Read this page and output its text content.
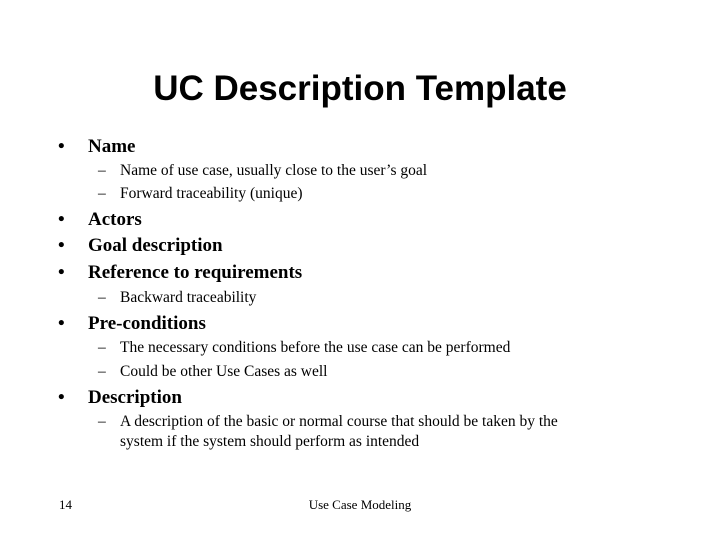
UC Description Template
• Name
– Name of use case, usually close to the user’s goal
– Forward traceability (unique)
• Actors
• Goal description
• Reference to requirements
– Backward traceability
• Pre-conditions
– The necessary conditions before the use case can be performed
– Could be other Use Cases as well
• Description
– A description of the basic or normal course that should be taken by the
system if the system should perform as intended
14	Use Case Modeling
